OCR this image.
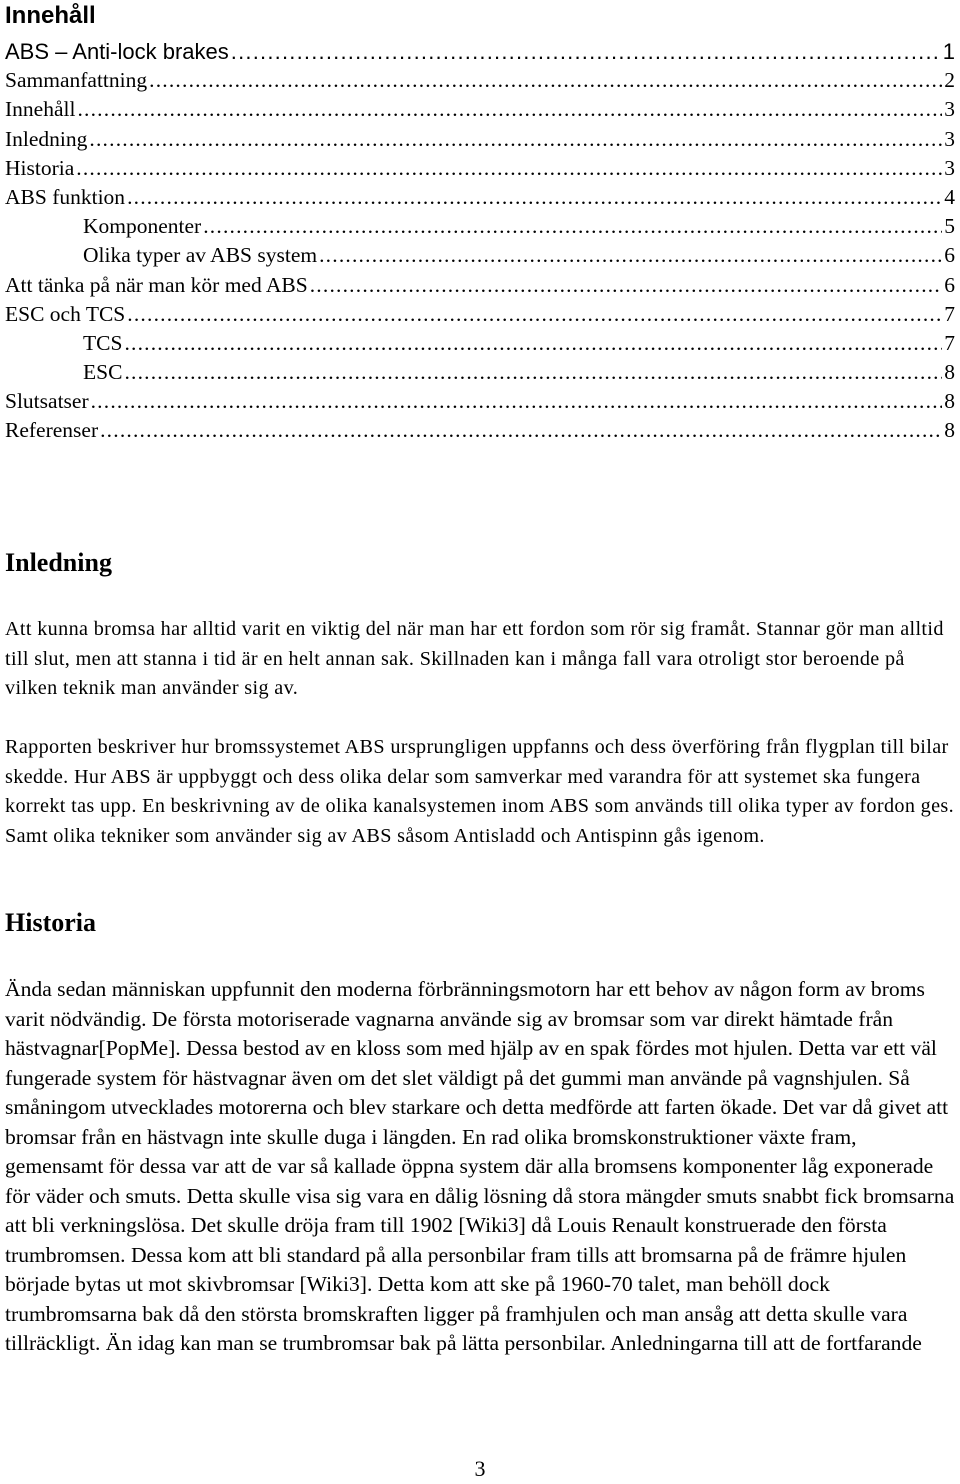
Innehåll
ABS – Anti-lock brakes .....	1
Sammanfattning .....	2
Innehåll .....	3
Inledning .....	3
Historia .....	3
ABS funktion .....	4
Komponenter .....	5
Olika typer av ABS system .....	6
Att tänka på när man kör med ABS .....	6
ESC och TCS .....	7
TCS .....	7
ESC .....	8
Slutsatser .....	8
Referenser .....	8
Inledning

Att kunna bromsa har alltid varit en viktig del när man har ett fordon som rör sig framåt. Stannar gör man alltid till slut, men att stanna i tid är en helt annan sak. Skillnaden kan i många fall vara otroligt stor beroende på vilken teknik man använder sig av.

Rapporten beskriver hur bromssystemet ABS ursprungligen uppfanns och dess överföring från flygplan till bilar skedde. Hur ABS är uppbyggt och dess olika delar som samverkar med varandra för att systemet ska fungera korrekt tas upp. En beskrivning av de olika kanalsystemen inom ABS som används till olika typer av fordon ges. Samt olika tekniker som använder sig av ABS såsom Antisladd och Antispinn gås igenom.

Historia

Ända sedan människan uppfunnit den moderna förbränningsmotorn har ett behov av någon form av broms varit nödvändig. De första motoriserade vagnarna använde sig av bromsar som var direkt hämtade från hästvagnar[PopMe]. Dessa bestod av en kloss som med hjälp av en spak fördes mot hjulen. Detta var ett väl fungerade system för hästvagnar även om det slet väldigt på det gummi man använde på vagnshjulen. Så småningom utvecklades motorerna och blev starkare och detta medförde att farten ökade. Det var då givet att bromsar från en hästvagn inte skulle duga i längden. En rad olika bromskonstruktioner växte fram, gemensamt för dessa var att de var så kallade öppna system där alla bromsens komponenter låg exponerade för väder och smuts. Detta skulle visa sig vara en dålig lösning då stora mängder smuts snabbt fick bromsarna att bli verkningslösa. Det skulle dröja fram till 1902 [Wiki3] då Louis Renault konstruerade den första trumbromsen. Dessa kom att bli standard på alla personbilar fram tills att bromsarna på de främre hjulen började bytas ut mot skivbromsar [Wiki3]. Detta kom att ske på 1960-70 talet, man behöll dock trumbromsarna bak då den största bromskraften ligger på framhjulen och man ansåg att detta skulle vara tillräckligt. Än idag kan man se trumbromsar bak på lätta personbilar. Anledningarna till att de fortfarande

3
